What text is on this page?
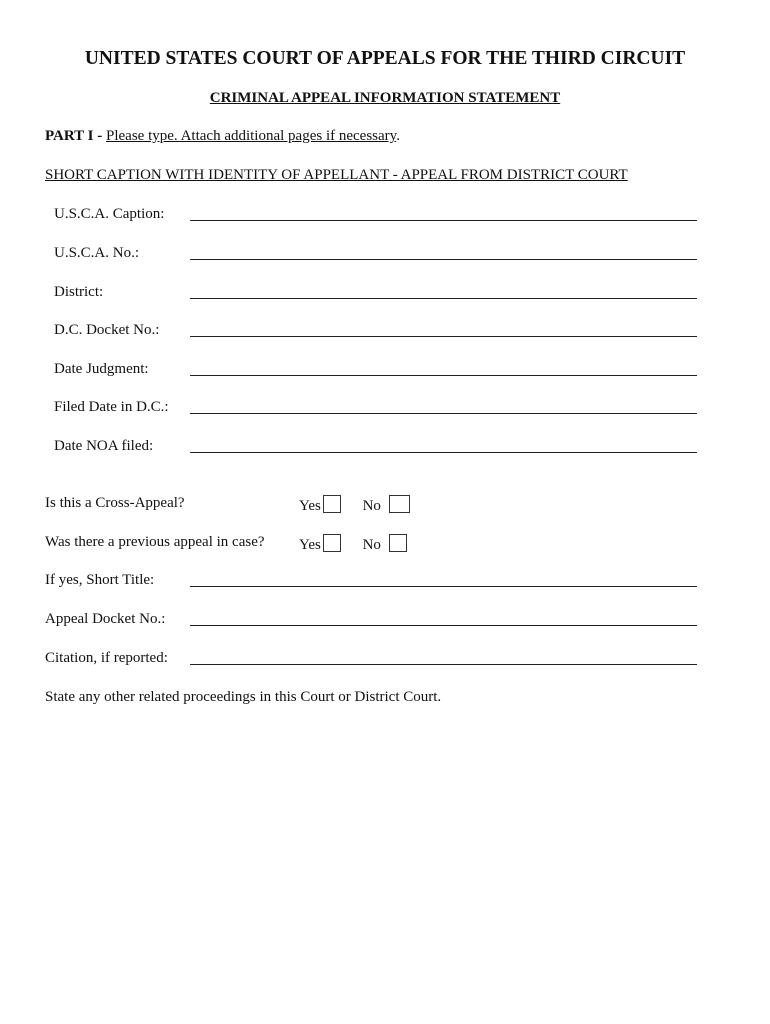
UNITED STATES COURT OF APPEALS FOR THE THIRD CIRCUIT
CRIMINAL APPEAL INFORMATION STATEMENT
PART I - Please type. Attach additional pages if necessary.
SHORT CAPTION WITH IDENTITY OF APPELLANT - APPEAL FROM DISTRICT COURT
U.S.C.A. Caption:
U.S.C.A. No.:
District:
D.C. Docket No.:
Date Judgment:
Filed Date in D.C.:
Date NOA filed:
Is this a Cross-Appeal?	Yes	No
Was there a previous appeal in case? Yes	No
If yes, Short Title:
Appeal Docket No.:
Citation, if reported:
State any other related proceedings in this Court or District Court.
